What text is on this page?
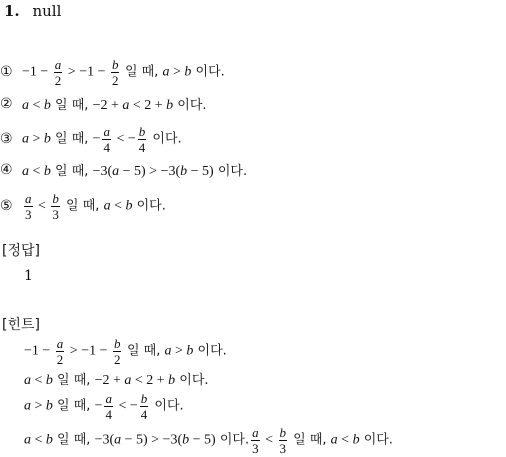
1. null
① $-1 - \frac{a}{2} > -1 - \frac{b}{2}$ 일 때, a > b 이다.
② a < b 일 때, −2 + a < 2 + b 이다.
③ a > b 일 때, − $\frac{a}{4}$ < − $\frac{b}{4}$ 이다.
④ a < b 일 때, −3(a − 5) > −3(b − 5) 이다.
⑤ $\frac{a}{3} < \frac{b}{3}$ 일 때, a < b 이다.
[정답]
1
[힌트]
$-1 - \frac{a}{2} > -1 - \frac{b}{2}$ 일 때, a > b 이다.
a < b 일 때, −2 + a < 2 + b 이다.
a > b 일 때, − $\frac{a}{4}$ < − $\frac{b}{4}$ 이다.
a < b 일 때, −3(a − 5) > −3(b − 5) 이다. $\frac{a}{3} < \frac{b}{3}$ 일 때, a < b 이다.
